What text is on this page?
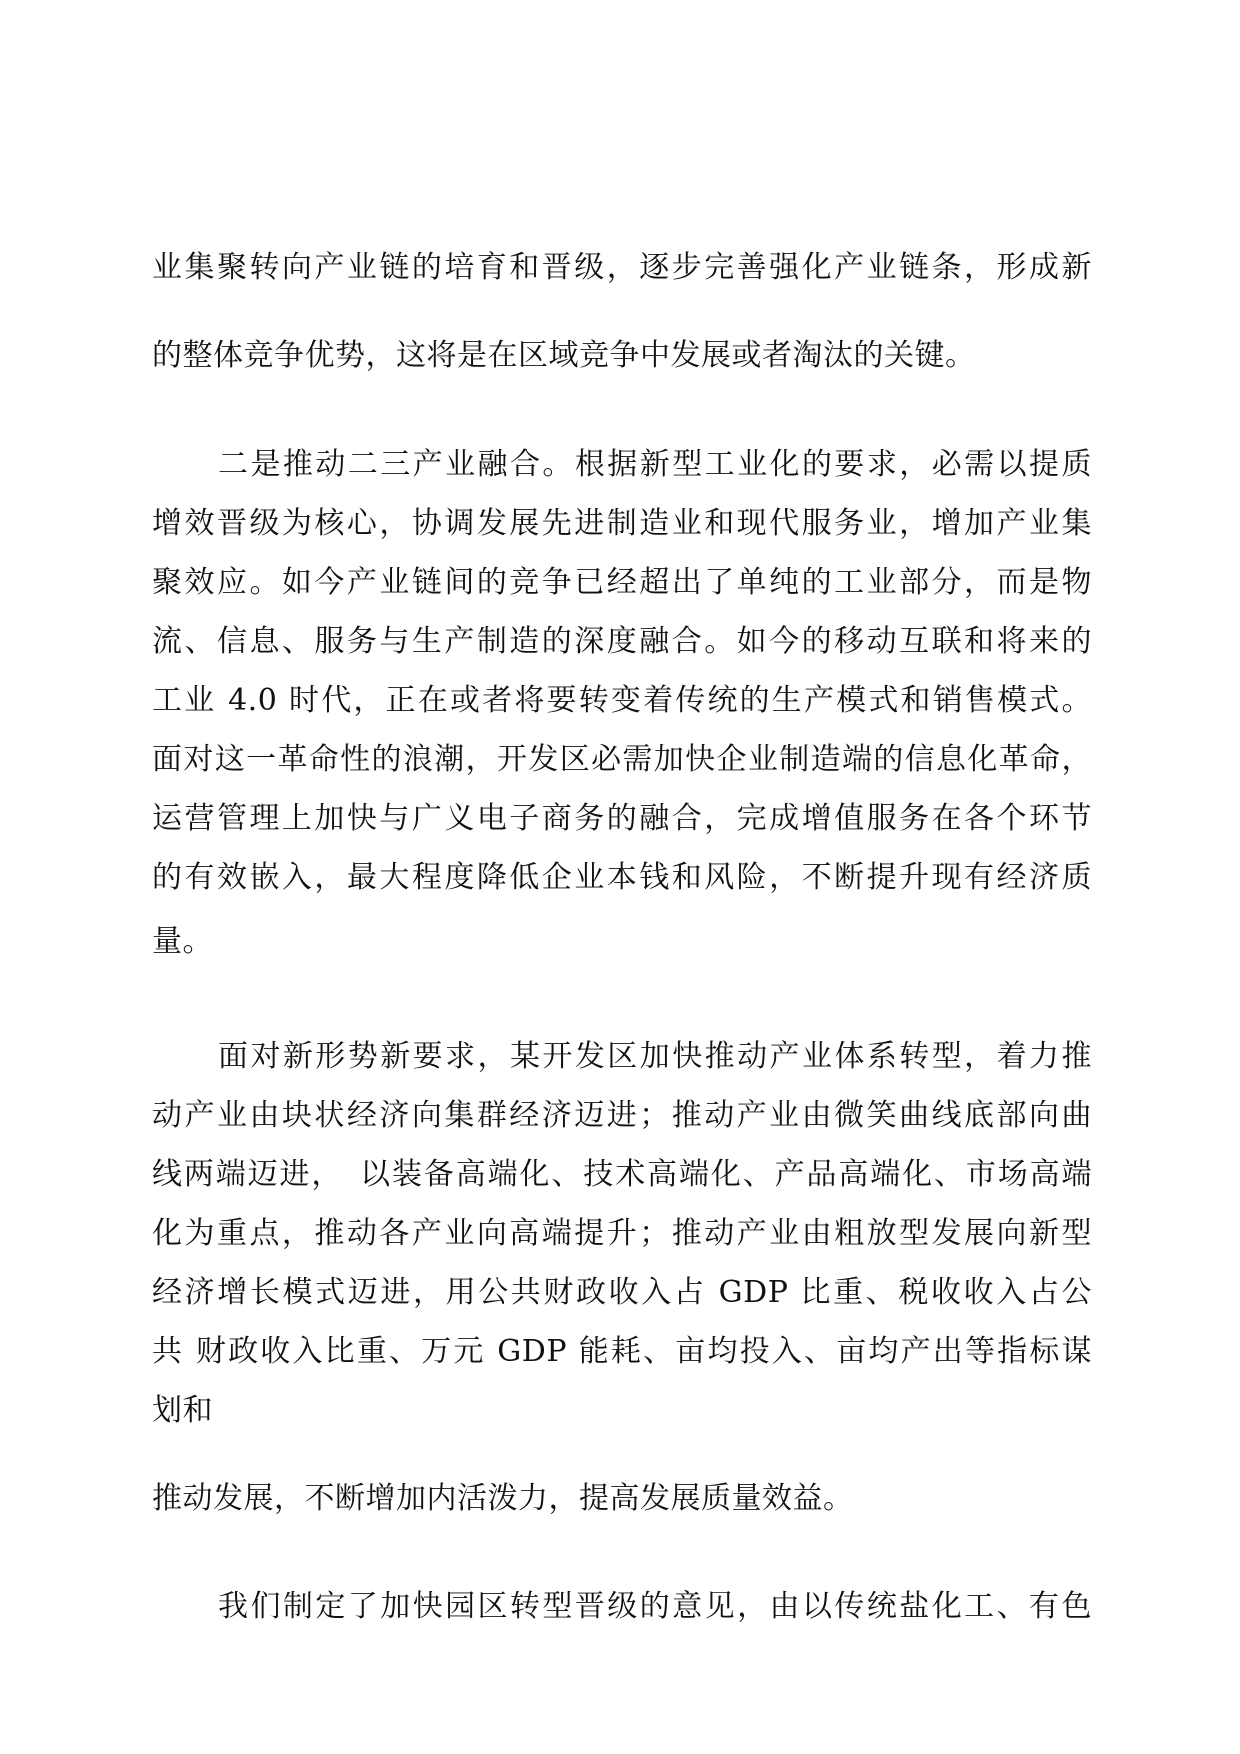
业集聚转向产业链的培育和晋级，逐步完善强化产业链条，形成新
的整体竞争优势，这将是在区域竞争中发展或者淘汰的关键。
二是推动二三产业融合。根据新型工业化的要求，必需以提质
增效晋级为核心，协调发展先进制造业和现代服务业，增加产业集
聚效应。如今产业链间的竞争已经超出了单纯的工业部分，而是物
流、信息、服务与生产制造的深度融合。如今的移动互联和将来的
工业 4.0 时代，正在或者将要转变着传统的生产模式和销售模式。
面对这一革命性的浪潮，开发区必需加快企业制造端的信息化革命，
运营管理上加快与广义电子商务的融合，完成增值服务在各个环节
的有效嵌入，最大程度降低企业本钱和风险，不断提升现有经济质
量。
面对新形势新要求，某开发区加快推动产业体系转型，着力推
动产业由块状经济向集群经济迈进；推动产业由微笑曲线底部向曲
线两端迈进，　以装备高端化、技术高端化、产品高端化、市场高端
化为重点，推动各产业向高端提升；推动产业由粗放型发展向新型
经济增长模式迈进，用公共财政收入占 GDP 比重、税收收入占公
共 财政收入比重、万元 GDP 能耗、亩均投入、亩均产出等指标谋
划和
推动发展，不断增加内活泼力，提高发展质量效益。
我们制定了加快园区转型晋级的意见，由以传统盐化工、有色
